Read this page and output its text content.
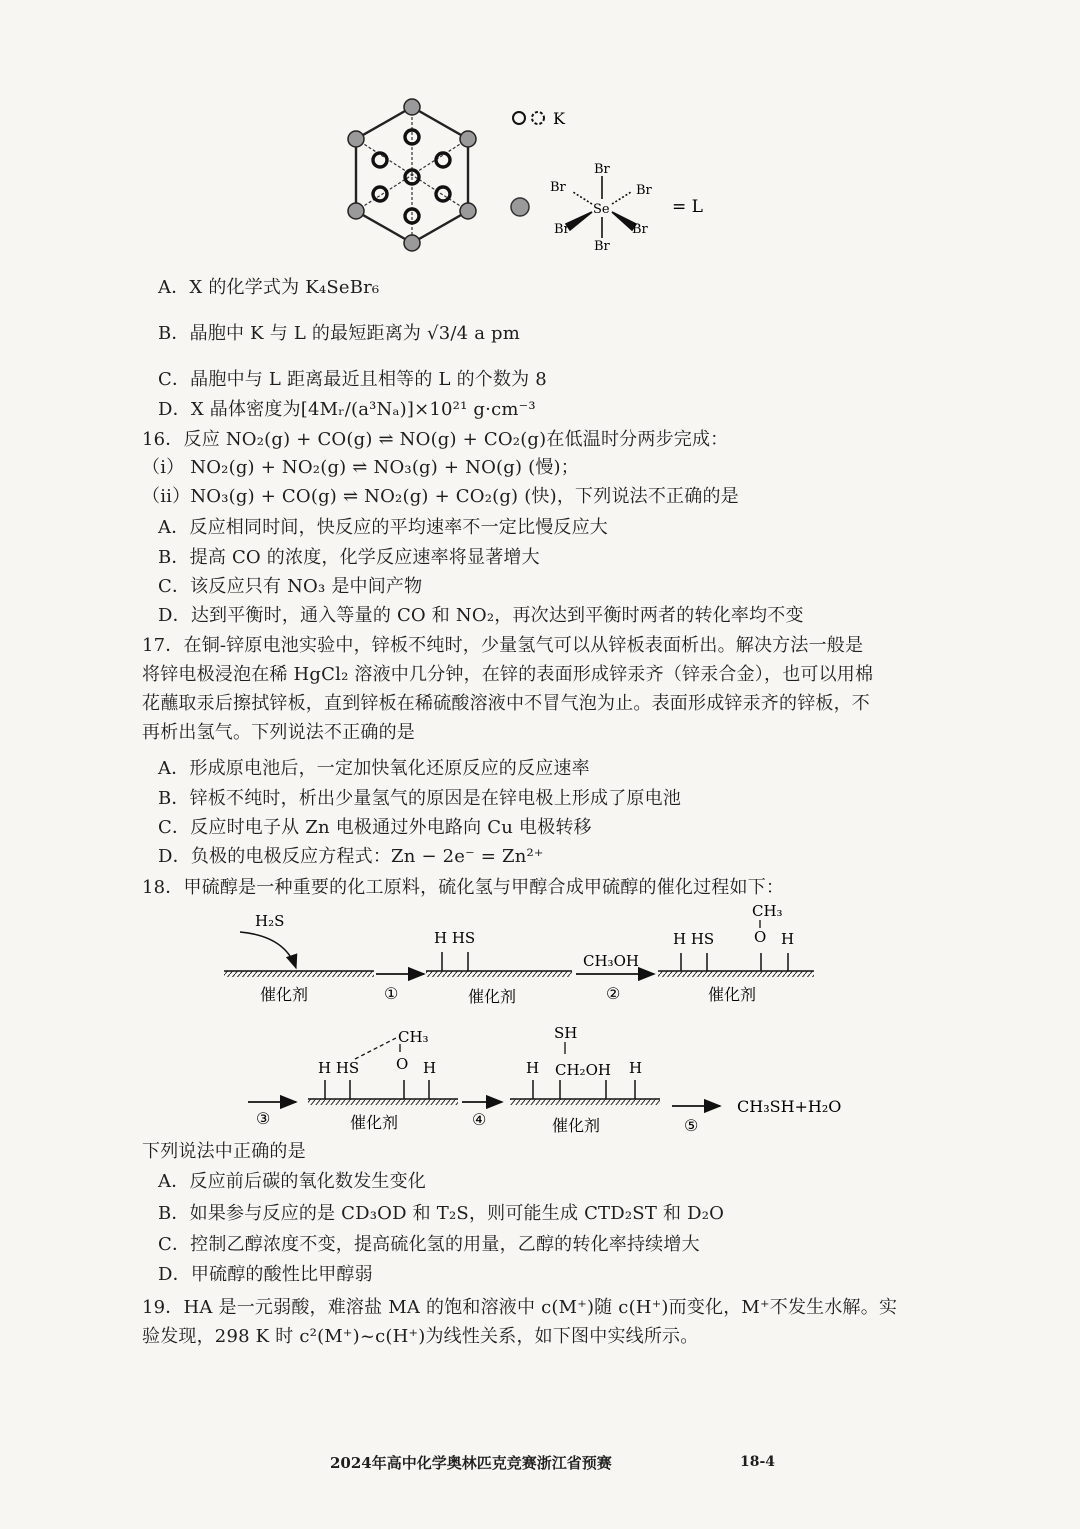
K
Se
Br
Br	Br
Br	Br
Br
= L
A．X 的化学式为 K₄SeBr₆
B．晶胞中 K 与 L 的最短距离为 √3/4 a pm
C．晶胞中与 L 距离最近且相等的 L 的个数为 8
D．X 晶体密度为[4Mᵣ/(a³Nₐ)]×10²¹ g·cm⁻³
16．反应 NO₂(g) + CO(g) ⇌ NO(g) + CO₂(g)在低温时分两步完成：
（i） NO₂(g) + NO₂(g) ⇌ NO₃(g) + NO(g) (慢)；
（ii）NO₃(g) + CO(g) ⇌ NO₂(g) + CO₂(g) (快)，下列说法不正确的是
A．反应相同时间，快反应的平均速率不一定比慢反应大
B．提高 CO 的浓度，化学反应速率将显著增大
C．该反应只有 NO₃ 是中间产物
D．达到平衡时，通入等量的 CO 和 NO₂，再次达到平衡时两者的转化率均不变
17．在铜-锌原电池实验中，锌板不纯时，少量氢气可以从锌板表面析出。解决方法一般是
将锌电极浸泡在稀 HgCl₂ 溶液中几分钟，在锌的表面形成锌汞齐（锌汞合金），也可以用棉
花蘸取汞后擦拭锌板，直到锌板在稀硫酸溶液中不冒气泡为止。表面形成锌汞齐的锌板，不
再析出氢气。下列说法不正确的是
A．形成原电池后，一定加快氧化还原反应的反应速率
B．锌板不纯时，析出少量氢气的原因是在锌电极上形成了原电池
C．反应时电子从 Zn 电极通过外电路向 Cu 电极转移
D．负极的电极反应方程式：Zn − 2e⁻ = Zn²⁺
18．甲硫醇是一种重要的化工原料，硫化氢与甲醇合成甲硫醇的催化过程如下：
催化剂
H₂S
①
H HS
催化剂
CH₃OH
②
H HS
CH₃
O H
催化剂
③
H HS
CH₃
O H
催化剂	④
SH
H CH₂OH H
催化剂	⑤
CH₃SH+H₂O
下列说法中正确的是
A．反应前后碳的氧化数发生变化
B．如果参与反应的是 CD₃OD 和 T₂S，则可能生成 CTD₂ST 和 D₂O
C．控制乙醇浓度不变，提高硫化氢的用量，乙醇的转化率持续增大
D．甲硫醇的酸性比甲醇弱
19．HA 是一元弱酸，难溶盐 MA 的饱和溶液中 c(M⁺)随 c(H⁺)而变化，M⁺不发生水解。实
验发现，298 K 时 c²(M⁺)~c(H⁺)为线性关系，如下图中实线所示。
2024年高中化学奥林匹克竞赛浙江省预赛	18-4
